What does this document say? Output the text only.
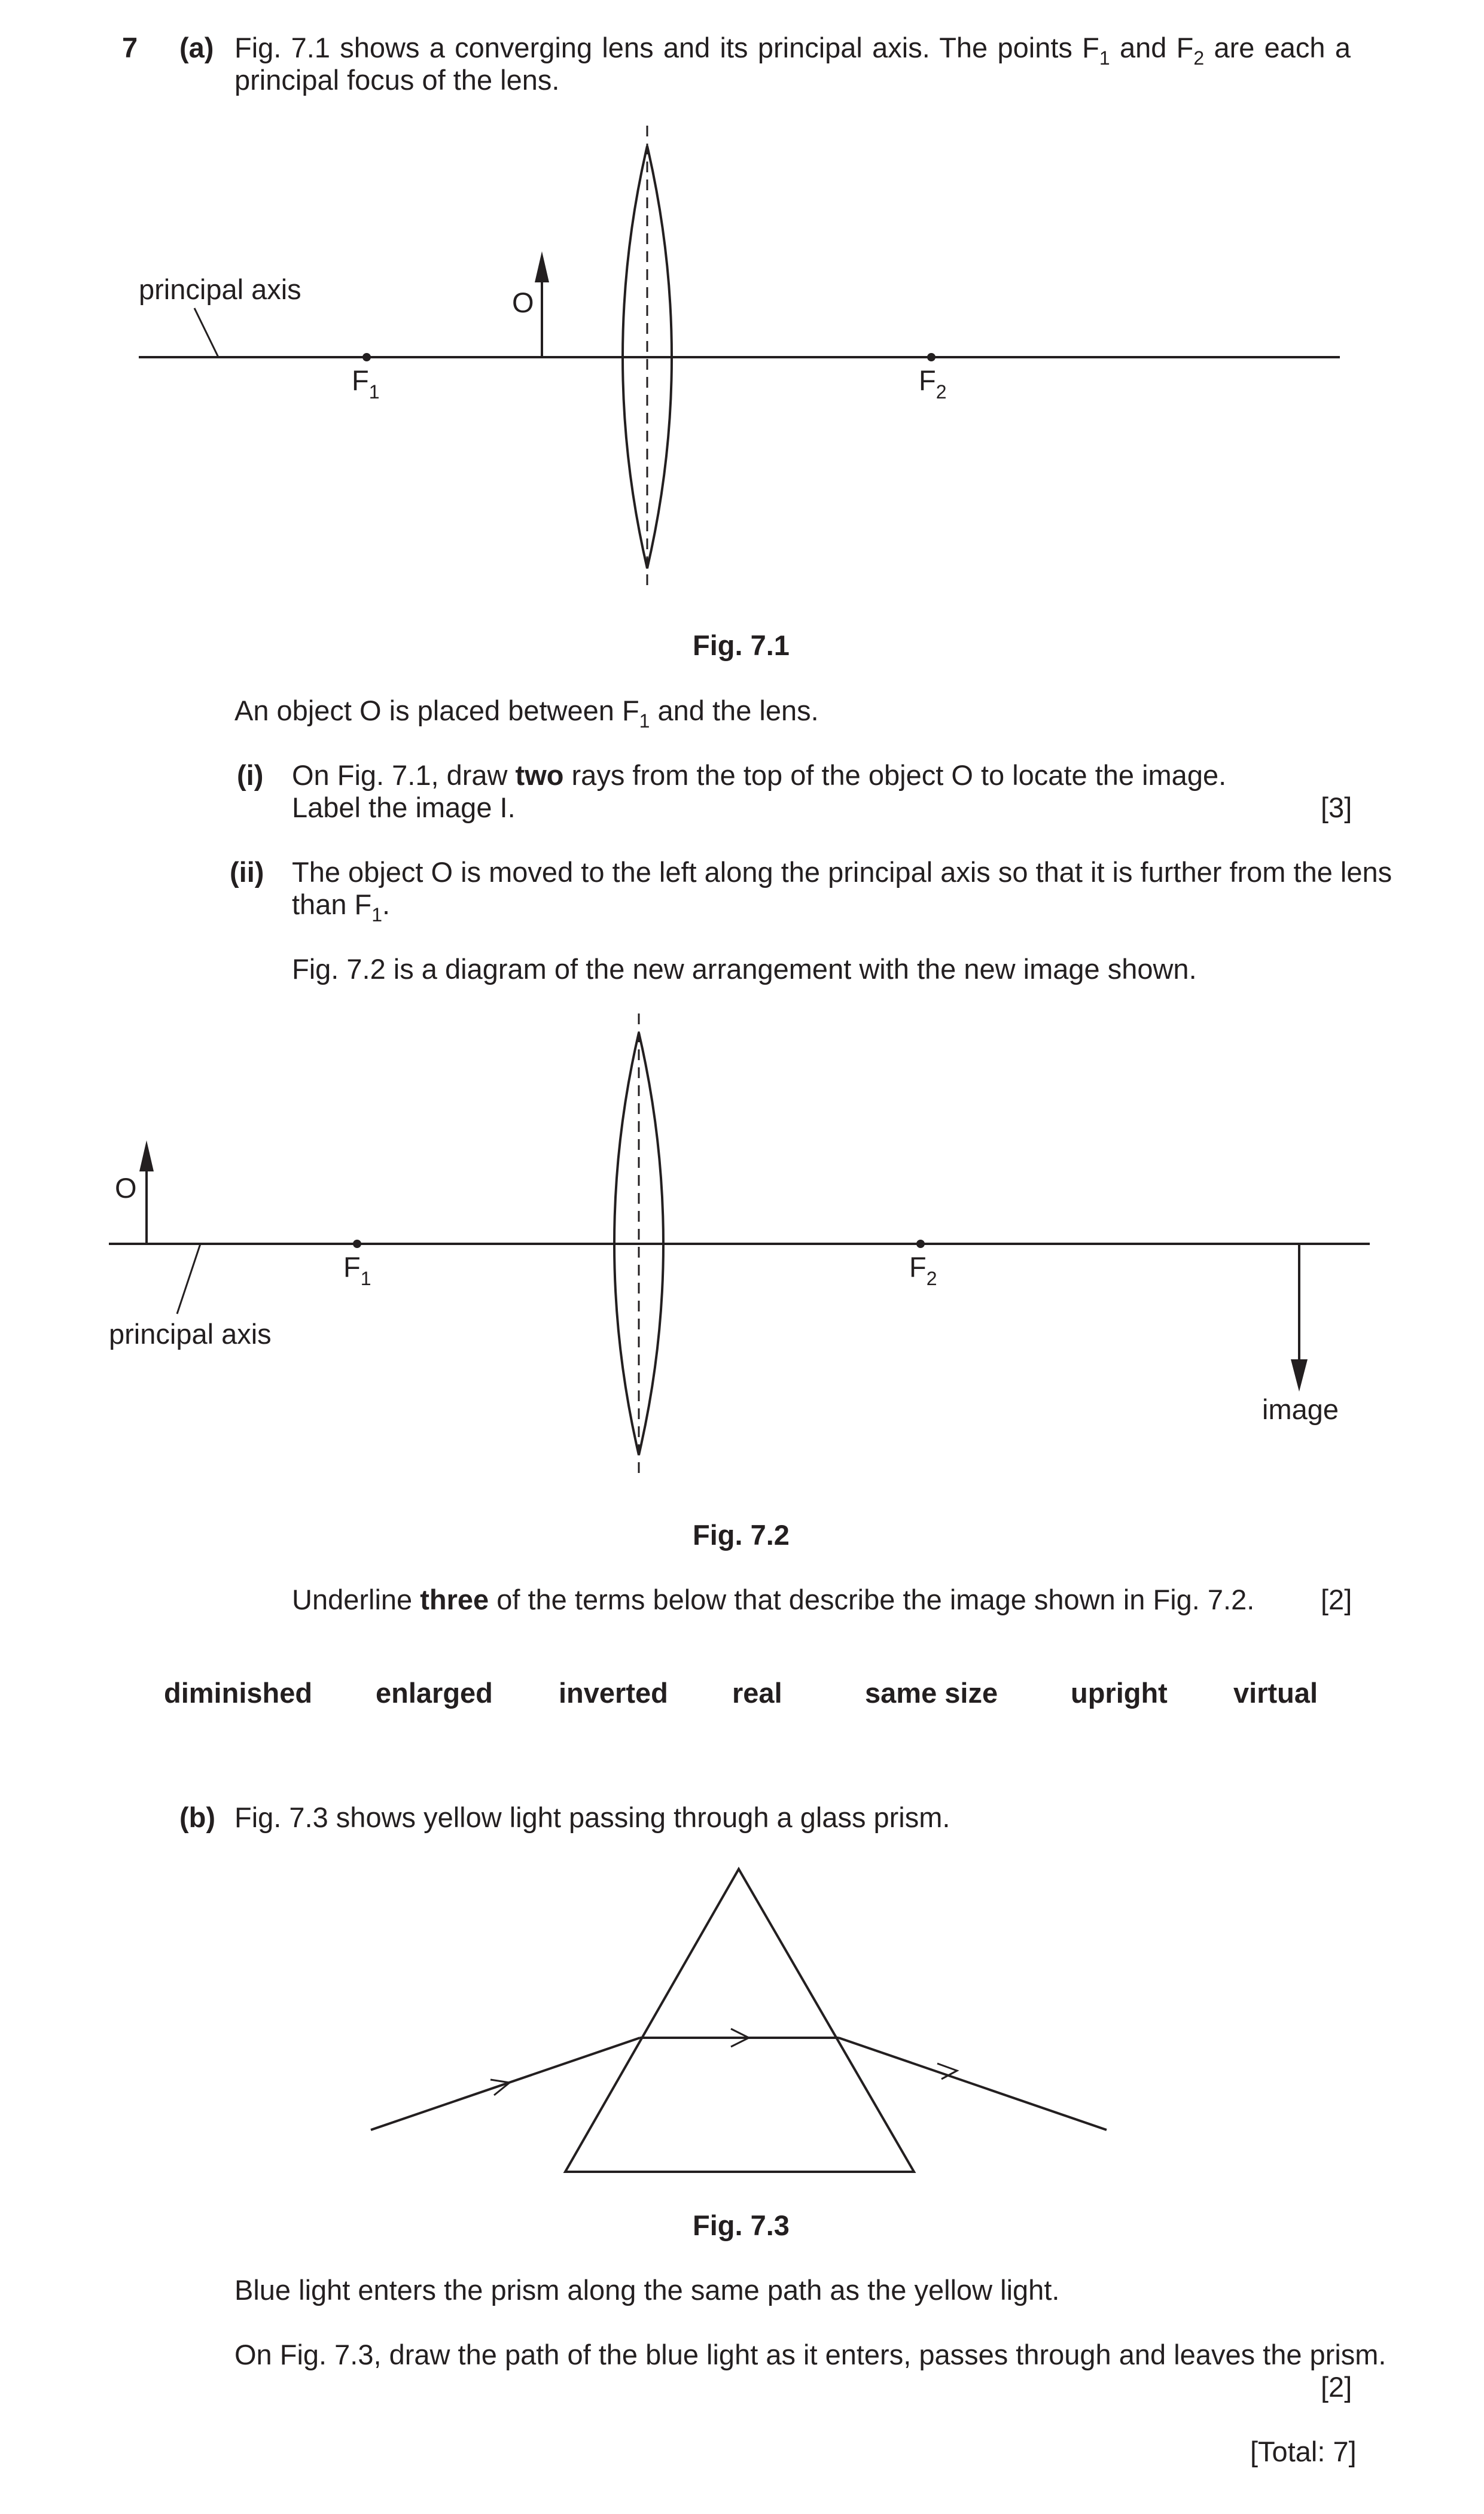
7 (a) Fig. 7.1 shows a converging lens and its principal axis. The points $F_1$ and $F_2$ are each a
principal focus of the lens.
principal axis	O
$F_1$	$F_2$
Fig. 7.1
An object O is placed between $F_1$ and the lens.
(i) On Fig. 7.1, draw two rays from the top of the object O to locate the image.
Label the image I.	[3]
(ii) The object O is moved to the left along the principal axis so that it is further from the lens
than $F_1$.
Fig. 7.2 is a diagram of the new arrangement with the new image shown.
O
principal axis
image
$F_1$	$F_2$
Fig. 7.2
Underline three of the terms below that describe the image shown in Fig. 7.2. [2]
diminished enlarged inverted real	same size	upright virtual
(b) Fig. 7.3 shows yellow light passing through a glass prism.
Fig. 7.3
Blue light enters the prism along the same path as the yellow light.
On Fig. 7.3, draw the path of the blue light as it enters, passes through and leaves the prism.
[2]
[Total: 7]
